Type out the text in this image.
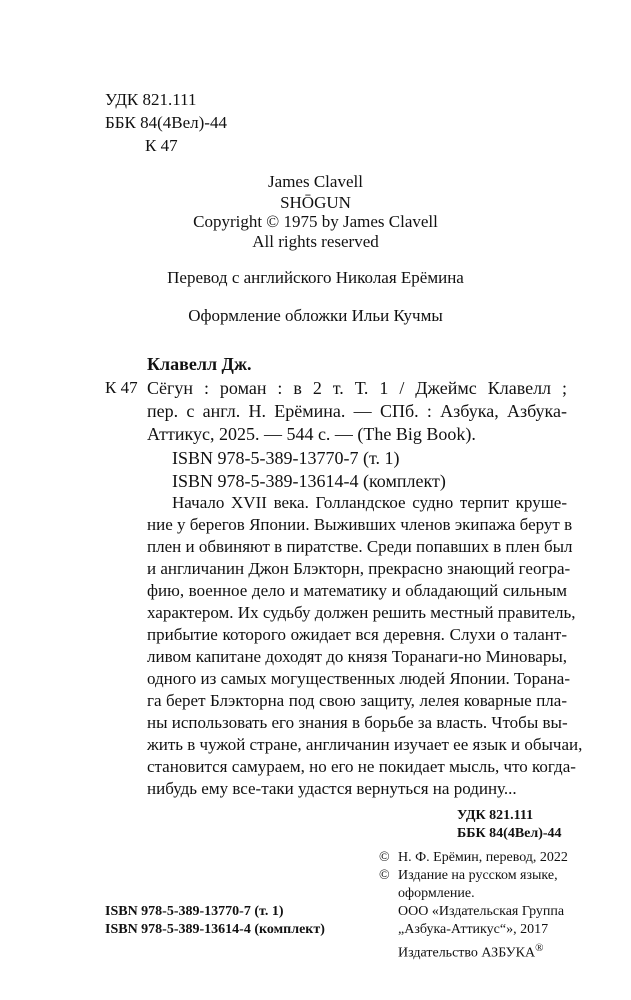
УДК 821.111
ББК 84(4Вел)-44
К 47
James Clavell
SHŌGUN
Copyright © 1975 by James Clavell
All rights reserved
Перевод с английского Николая Ерёмина
Оформление обложки Ильи Кучмы
Клавелл Дж.
К 47 Сёгун : роман : в 2 т. Т. 1 / Джеймс Клавелл ;
пер. с англ. Н. Ерёмина. — СПб. : Азбука, Азбука-
Аттикус, 2025. — 544 с. — (The Big Book).
ISBN 978-5-389-13770-7 (т. 1)
ISBN 978-5-389-13614-4 (комплект)
Начало XVII века. Голландское судно терпит круше-
ние у берегов Японии. Выживших членов экипажа берут в
плен и обвиняют в пиратстве. Среди попавших в плен был
и англичанин Джон Блэкторн, прекрасно знающий геогра-
фию, военное дело и математику и обладающий сильным
характером. Их судьбу должен решить местный правитель,
прибытие которого ожидает вся деревня. Слухи о талант-
ливом капитане доходят до князя Торанаги-но Миновары,
одного из самых могущественных людей Японии. Торана-
га берет Блэкторна под свою защиту, лелея коварные пла-
ны использовать его знания в борьбе за власть. Чтобы вы-
жить в чужой стране, англичанин изучает ее язык и обычаи,
становится самураем, но его не покидает мысль, что когда-
нибудь ему все-таки удастся вернуться на родину...
УДК 821.111
ББК 84(4Вел)-44
© Н. Ф. Ерёмин, перевод, 2022
© Издание на русском языке,
оформление.
ООО «Издательская Группа
„Азбука-Аттикус“», 2017
Издательство АЗБУКА®
ISBN 978-5-389-13770-7 (т. 1)
ISBN 978-5-389-13614-4 (комплект)
